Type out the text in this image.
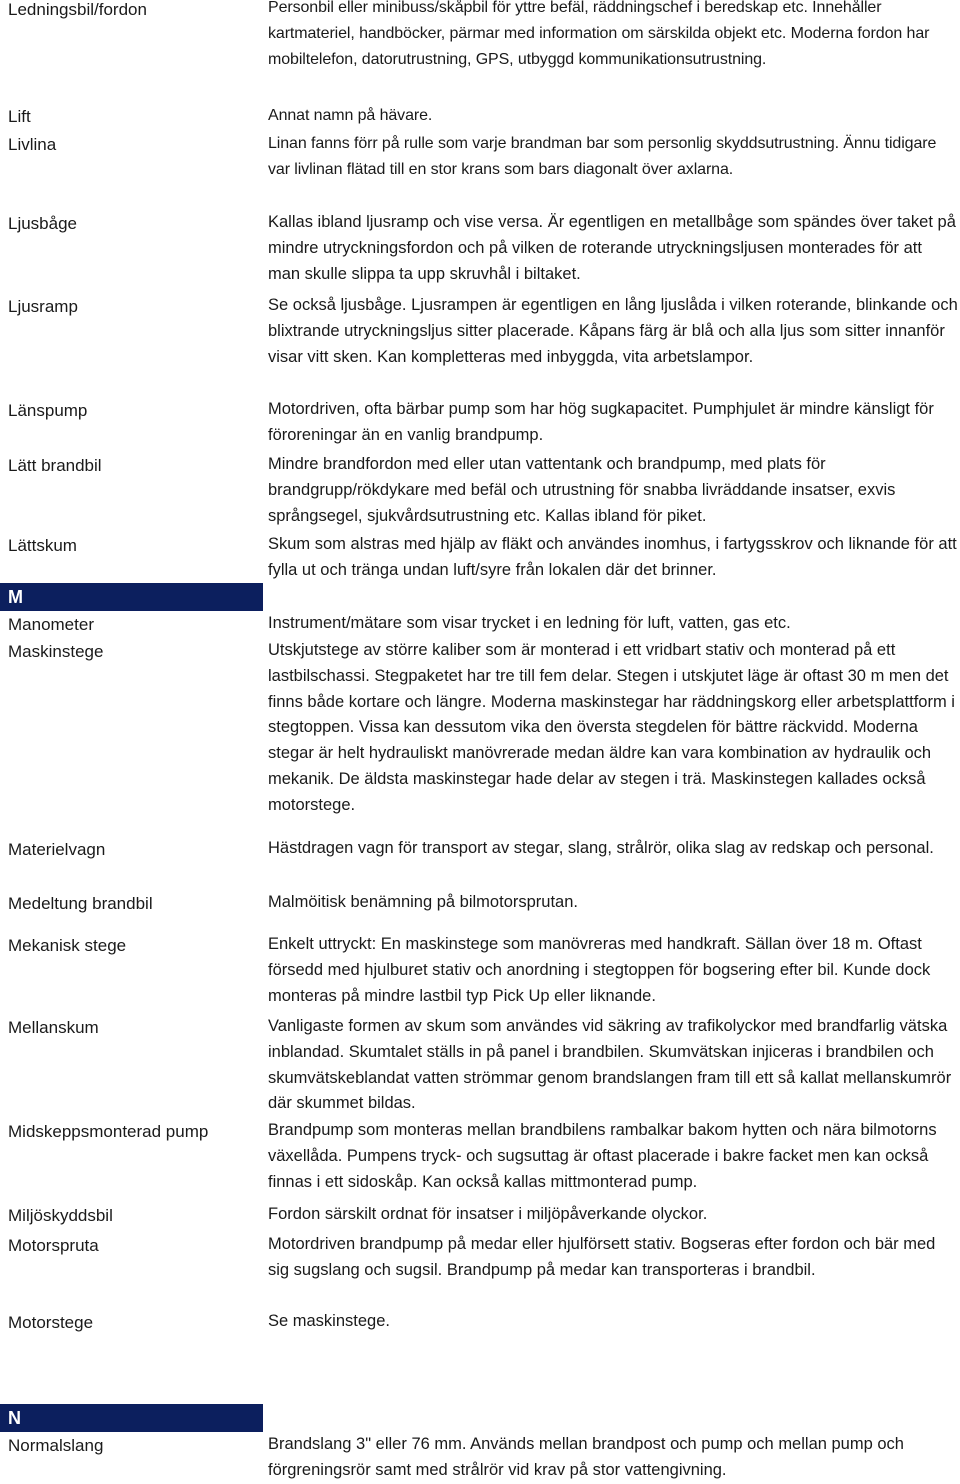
Ledningsbil/fordon	Personbil eller minibuss/skåpbil för yttre befäl, räddningschef i beredskap etc. Innehåller kartmateriel, handböcker, pärmar med information om särskilda objekt etc. Moderna fordon har mobiltelefon, datorutrustning, GPS, utbyggd kommunikationsutrustning.
Lift	Annat namn på hävare.
Livlina	Linan fanns förr på rulle som varje brandman bar som personlig skyddsutrustning. Ännu tidigare var livlinan flätad till en stor krans som bars diagonalt över axlarna.
Ljusbåge	Kallas ibland ljusramp och vise versa. Är egentligen en metallbåge som spändes över taket på mindre utryckningsfordon och på vilken de roterande utryckningsljusen monterades för att man skulle slippa ta upp skruvhål i biltaket.
Ljusramp	Se också ljusbåge. Ljusrampen är egentligen en lång ljuslåda i vilken roterande, blinkande och blixtrande utryckningsljus sitter placerade. Kåpans färg är blå och alla ljus som sitter innanför visar vitt sken. Kan kompletteras med inbyggda, vita arbetslampor.
Länspump	Motordriven, ofta bärbar pump som har hög sugkapacitet. Pumphjulet är mindre känsligt för föroreningar än en vanlig brandpump.
Lätt brandbil	Mindre brandfordon med eller utan vattentank och brandpump, med plats för brandgrupp/rökdykare med befäl och utrustning för snabba livräddande insatser, exvis språngsegel, sjukvårdsutrustning etc. Kallas ibland för piket.
Lättskum	Skum som alstras med hjälp av fläkt och användes inomhus, i fartygsskrov och liknande för att fylla ut och tränga undan luft/syre från lokalen där det brinner.
M
Manometer	Instrument/mätare som visar trycket i en ledning för luft, vatten, gas etc.
Maskinstege	Utskjutstege av större kaliber som är monterad i ett vridbart stativ och monterad på ett lastbilschassi. Stegpaketet har tre till fem delar. Stegen i utskjutet läge är oftast 30 m men det finns både kortare och längre. Moderna maskinstegar har räddningskorg eller arbetsplattform i stegtoppen. Vissa kan dessutom vika den översta stegdelen för bättre räckvidd. Moderna stegar är helt hydrauliskt manövrerade medan äldre kan vara kombination av hydraulik och mekanik. De äldsta maskinstegar hade delar av stegen i trä. Maskinstegen kallades också motorstege.
Materielvagn	Hästdragen vagn för transport av stegar, slang, strålrör, olika slag av redskap och personal.
Medeltung brandbil	Malmöitisk benämning på bilmotorsprutan.
Mekanisk stege	Enkelt uttryckt: En maskinstege som manövreras med handkraft. Sällan över 18 m. Oftast försedd med hjulburet stativ och anordning i stegtoppen för bogsering efter bil. Kunde dock monteras på mindre lastbil typ Pick Up eller liknande.
Mellanskum	Vanligaste formen av skum som användes vid säkring av trafikolyckor med brandfarlig vätska inblandad. Skumtalet ställs in på panel i brandbilen. Skumvätskan injiceras i brandbilen och skumvätskeblandat vatten strömmar genom brandslangen fram till ett så kallat mellanskumrör där skummet bildas.
Midskeppsmonterad pump	Brandpump som monteras mellan brandbilens rambalkar bakom hytten och nära bilmotorns växellåda. Pumpens tryck- och sugsuttag är oftast placerade i bakre facket men kan också finnas i ett sidoskåp. Kan också kallas mittmonterad pump.
Miljöskyddsbil	Fordon särskilt ordnat för insatser i miljöpåverkande olyckor.
Motorspruta	Motordriven brandpump på medar eller hjulförsett stativ. Bogseras efter fordon och bär med sig sugslang och sugsil. Brandpump på medar kan transporteras i brandbil.
Motorstege	Se maskinstege.
N
Normalslang	Brandslang 3" eller 76 mm. Används mellan brandpost och pump och mellan pump och förgreningsrör samt med strålrör vid krav på stor vattengivning.
